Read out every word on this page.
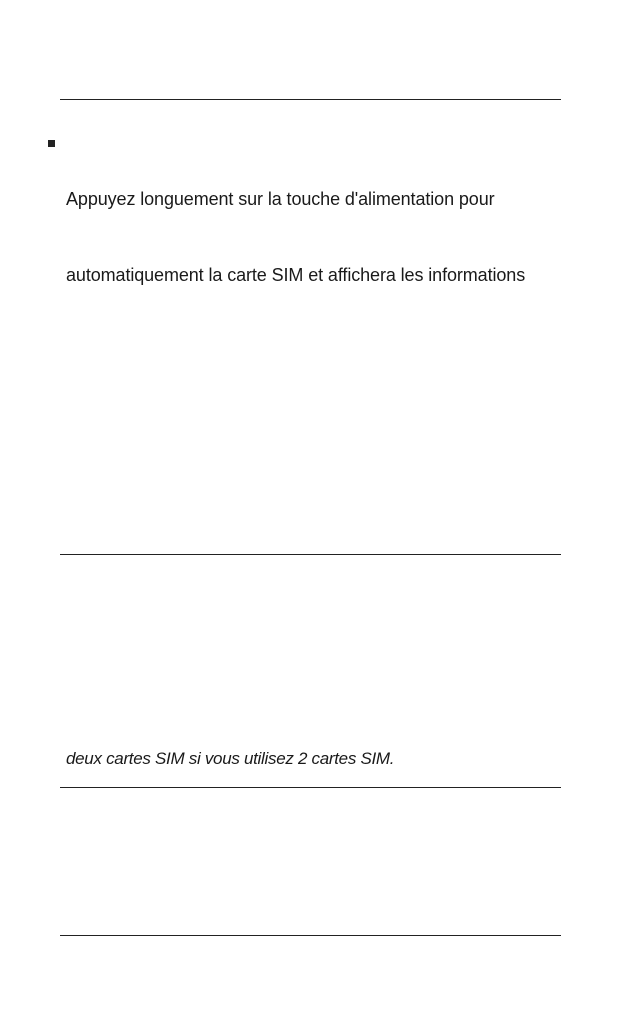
Appuyez longuement sur la touche d'alimentation pour
automatiquement la carte SIM et affichera les informations
deux cartes SIM si vous utilisez 2 cartes SIM.
